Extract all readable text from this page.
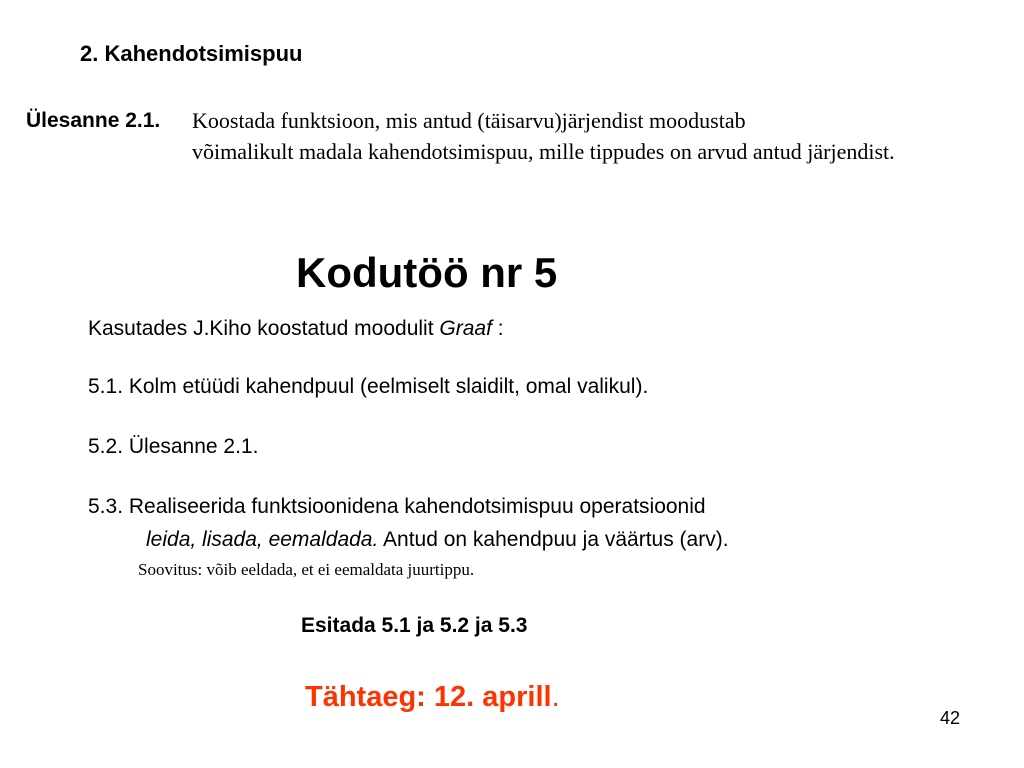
2. Kahendotsimispuu
Ülesanne 2.1. Koostada funktsioon, mis antud (täisarvu)järjendist moodustab
võimalikult madala kahendotsimispuu, mille tippudes on arvud antud järjendist.
Kodutöö nr 5
Kasutades J.Kiho koostatud moodulit Graaf :
5.1. Kolm etüüdi kahendpuul (eelmiselt slaidilt, omal valikul).
5.2. Ülesanne 2.1.
5.3. Realiseerida funktsioonidena kahendotsimispuu operatsioonid
leida, lisada, eemaldada. Antud on kahendpuu ja väärtus (arv).
Soovitus: võib eeldada, et ei eemaldata juurtippu.
Esitada 5.1 ja 5.2 ja 5.3
Tähtaeg: 12. aprill.
42
